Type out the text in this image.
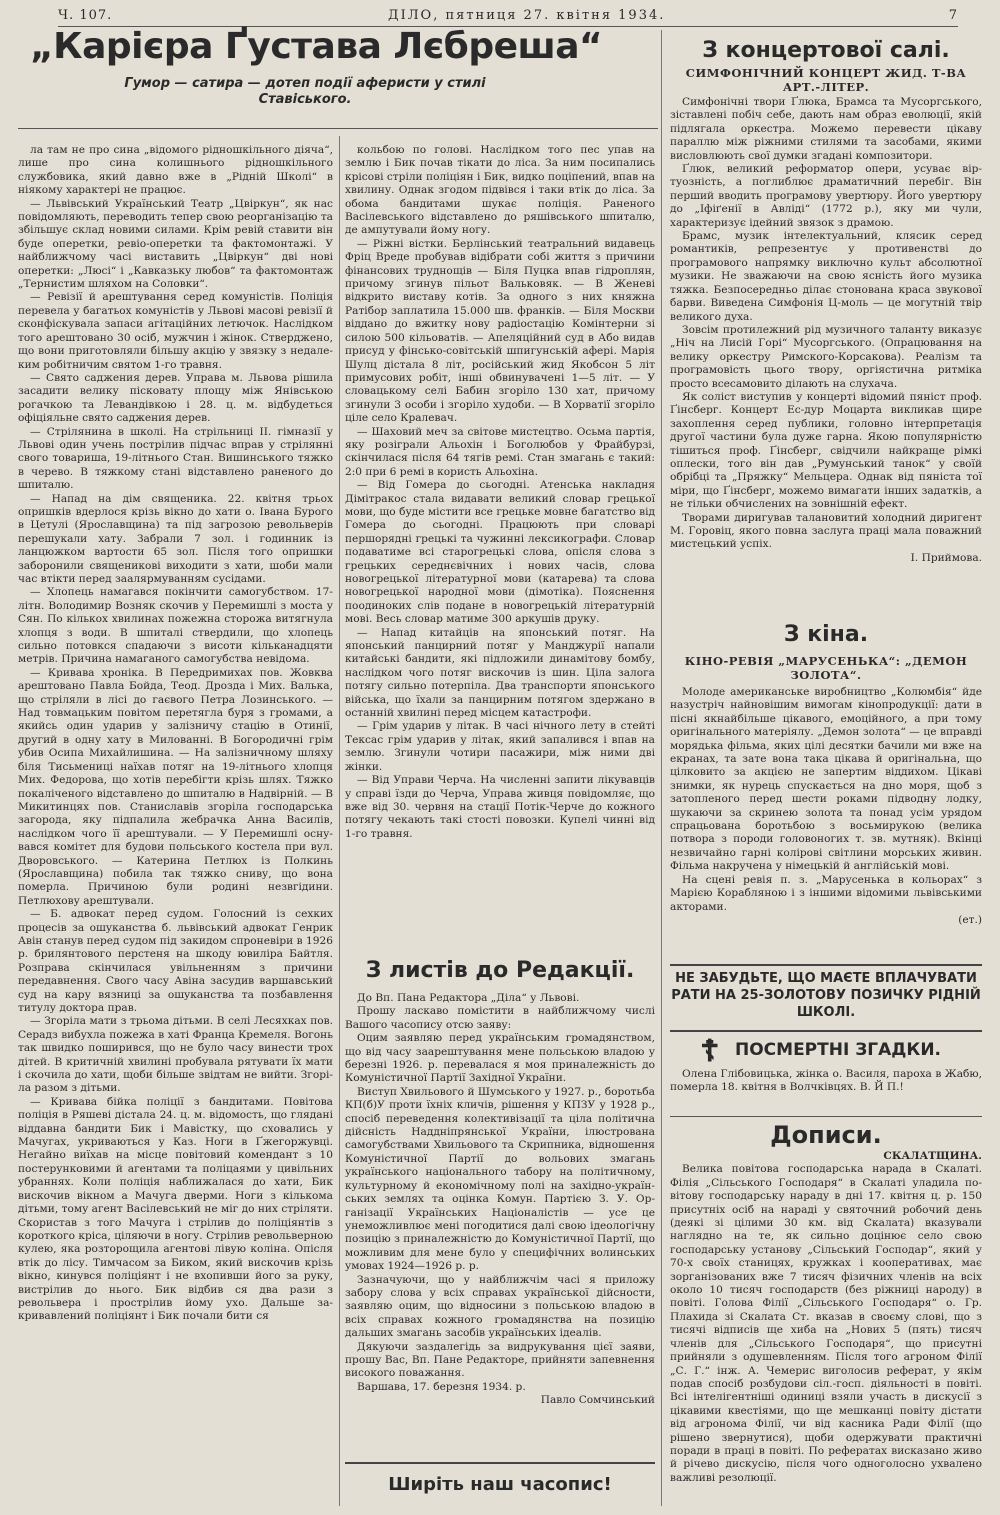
Ч. 107.	ДІЛО, пятниця 27. квітня 1934.	7
„Карієра Ґустава Лєбреша“
Гумор — сатира — дотеп події аферисти у стилі Ставіського.

ла там не про сина „відомого рідношкільного діяча“, лише про сина колишнього рідношкільного службовика, який давно вже в „Рідній Школі“ в ніякому характері не працює.

— Львівський Український Театр „Цвіркун“, як нас повідомляють, переводить тепер свою реорганізацію та збільшує склад новими силами. Крім ревій ставити він буде оперетки, ревіо-оперетки та фактомонтажі. У найближчому часі виставить „Цвіркун“ дві нові оперетки: „Люсі“ і „Кавказьку любов“ та фактомонтаж „Тернистим шляхом на Соловки“.

— Ревізії й арештування серед комуністів. Поліція перевела у багатьох комуністів у Львові масові ревізії й сконфіскувала запаси агітаційних летючок. Наслідком того арештовано 30 осіб, мужчин і жінок. Стверджено, що вони приготовляли більшу акцію у звязку з недалеким робітничим святом 1-го травня.

— Свято саджения дерев. Управа м. Львова рішила засадити велику пісковату площу між Янівською рогачкою та Левандівкою і 28. ц. м. відбудеться офіціяльне свято саджения дерев.

— Стрілянина в школі. На стрільниці II. гімназії у Львові один учень пострілив підчас вправ у стрілянні свого товариша, 19-літнього Стан. Вишинського тяжко в черево. В тяжкому стані відставлено раненого до шпиталю.

— Напад на дім священика. 22. квітня трьох опришків вдерлося крізь вікно до хати о. Івана Бурого в Цетулі (Ярославщина) та під загрозою револьверів перешукали хату. Забрали 7 зол. і годинник із ланцюжком вартости 65 зол. Після того опришки заборонили священикові виходити з хати, шоби мали час втікти перед заалярмуванням сусідами.

— Хлопець намагався покінчити самогубством. 17-літн. Володимир Возняк скочив у Перемишлі з моста у Сян. По кількох хвилинах пожежна сторожа витягнула хлопця з води. В шпиталі ствердили, що хлопець сильно потовкся спадаючи з висоти кільканадцяти метрів. Причина намаганого самогубства невідома.

— Кривава хроніка. В Передримихах пов. Жовква арештовано Павла Бойда, Теод. Дрозда і Мих. Валька, що стріляли в лісі до гаєвого Петра Лозинського. — Над товмацьким повітом перетягла буря з громами, а якийсь один ударив у залізничу стацію в Отинії, другий в одну хату в Милованні. В Богородичні грім убив Осипа Михайлишина. — На залізничному шляху біля Тисьмениці наїхав потяг на 19-літнього хлопця Мих. Федорова, що хотів перебігти крізь шлях. Тяжко покаліченого відставлено до шпиталю в Надвірній. — В Микитинцях пов. Станиславів згоріла господарська загорода, яку підпалила жебрачка Анна Василів, наслідком чого її арештували. — У Перемишлі оснувався комітет для будови польського костела при вул. Дворовського. — Катерина Петлюх із Полкинь (Ярославщина) побила так тяжко сниву, що вона померла. Причиною були родині незвгідини. Петлюхову арештували.

— Б. адвокат перед судом. Голосний із сехких процесів за ошуканства б. львівський адвокат Генрик Авін станув перед судом під закидом спроневіри в 1926 р. брилянтового перстеня на шкоду ювиліра Байтля. Розправа скінчилася увільненням з причини передавнення. Свого часу Авіна засудив варшавський суд на кару вязниці за ошуканства та позбавлення титулу доктора прав.

— Згоріла мати з трьома дітьми. В селі Лесяхках пов. Серадз вибухла пожежа в хаті Франца Кремеля. Вогонь так швидко поширився, що не було часу винести трох дітей. В критичній хвилині пробувала рятувати їх мати і скочила до хати, щоби більше звідтам не вийти. Згоріла разом з дітьми.

— Кривава бійка поліції з бандитами. Повітова поліція в Ряшеві дістала 24. ц. м. відомость, що гляданi віддавна бандити Бик і Мавістку, що сховались у Мачугах, укриваються у Каз. Ноги в Ґжегоржувці. Негайно виїхав на місце повітовий комендант з 10 постерунковими й агентами та поліцаями у цивільних убраннях. Коли поліція наближалася до хати, Бик вискочив вікном а Мачуга дверми. Ноги з кількома дітьми, тому агент Васілевський не міг до них стріляти. Скористав з того Мачуга і стрілив до поліціянтів з короткого кріса, ціляючи в ногу. Стрілив револьверною кулею, яка розторощила агентові лівую коліна. Опісля втік до лісу. Тимчасом за Биком, який вискочив крізь вікно, кинувся поліціянт і не вхопивши його за руку, вистрілив до нього. Бик відбив ся два рази з револьвера і прострілив йому ухо. Дальше закривавлений поліціянт і Бик почали бити ся

кольбою по голові. Наслідком того пес упав на землю і Бик почав тікати до ліса. За ним посипались крісові стріли поліціян і Бик, видко поціпений, впав на хвилину. Однак згодом підвівся і таки втік до ліса. За обома бандитами шукає поліція. Раненого Васілевського відставлено до ряшівського шпиталю, де ампутували йому ногу.

— Ріжні вістки. Берлінський театральний видавець Фріц Вреде пробував відібрати собі життя з причини фінансових труднощів — Біля Пуцка впав гідроплян, причому згинув пільот Вальковяк. — В Женеві відкрито виставу котів. За одного з них княжна Ратібор заплатила 15.000 шв. франків. — Біля Москви віддано до вжитку нову радіостацію Комінтерни зі силою 500 кільоватів. — Апеляційний суд в Або видав присуд у фінсько-совітській шпигунській афері. Марія Шулц дістала 8 літ, російський жид Якобсон 5 літ примусових робіт, інші обвинувачені 1—5 літ. — У словацькому селі Бабин згоріло 130 хат, причому згинули 3 особи і згоріло худоби. — В Хорватії згоріло ціле село Кралевач.

— Шаховий меч за світове мистецтво. Осьма партія, яку розіграли Альохін і Боголюбов у Фрайбурзі, скінчилася після 64 тягів ремі. Стан змагань є такий: 2:0 при 6 ремі в користь Альохіна.

— Від Гомера до сьогодні. Атенська накладня Дімітракос стала видавати великий словар грецької мови, що буде містити все грецьке мовне багатство від Гомера до сьогодні. Працюють при словарі першорядні грецькі та чужинні лексикографи. Словар подаватиме всі старогрецькі слова, опісля слова з грецьких середнєвічних і нових часів, слова новогрецької літературної мови (катарева) та слова новогрецької народної мови (дімотіка). Пояснення поодиноких слів подане в новогрецькій літературній мові. Весь словар матиме 300 аркушів друку.

— Напад китайців на японський потяг. На японський панцирний потяг у Манджурії напали китайські бандити, які підложили динамітову бомбу, наслідком чого потяг вискочив із шин. Ціла залога потягу сильно потерпіла. Два транспорти японського війська, що їхали за панцирним потягом здержано в останній хвилині перед місцем катастрофи.

— Грім ударив у літак. В часі нічного лету в стейті Тексас грім ударив у літак, який запалився і впав на землю. Згинули чотири пасажири, між ними дві жінки.

— Від Управи Черча. На численні запити лікувавців у справі їзди до Черча, Управа живця повідомляє, що вже від 30. червня на стації Потік-Черче до кожного потягу чекають такі стості повозки. Купелі чинні від 1-го травня.

З листів до Редакції.

До Вп. Пана Редактора „Діла“ у Львові.

Прошу ласкаво помістити в найближчому числі Вашого часопису отсю заяву:

Оцим заявляю перед українським громадянством, що від часу заарештування мене польською владою у березні 1926. р. перевалася я моя приналежність до Комуністичної Партії Західної України.

Виступ Хвильового й Шумського у 1927. р., боротьба КП(б)У проти їхніх кличів, рішення у КПЗУ у 1928 р., спосіб переведення колективізації та ціла політична дійсність Наддніпрянської України, ілюстрована самогубствами Хвильового та Скрипника, відношення Комуністичної Партії до вольових змагань українського національного табору на політичному, культурному й економічному полі на західно-українських землях та оцінка Комун. Партією З. У. Організації Українських Націоналістів — усе це унеможливлює мені погодитися далі свою ідеологічну позицію з приналежністю до Комуністичної Партії, що можливим для мене було у специфічних волинських умовах 1924—1926 р. р.

Зазначуючи, що у найближчім часі я приложу забору слова у всіх справах української дійсности, заявляю оцим, що відносини з польською владою в всіх справах кожного громадянства на позицію дальших змагань засобів українських ідеалів.

Дякуючи заздалегідь за видрукування цієї заяви, прошу Вас, Вп. Пане Редакторе, прийняти запевнення високого поважання.

Варшава, 17. березня 1934. р.

Павло Сомчинський

Ширіть наш часопис!
З концертової салі.
СИМФОНІЧНИЙ КОНЦЕРТ ЖИД. Т-ВА АРТ.-ЛІТЕР.

Симфонічні твори Ґлюка, Брамса та Мусоргського, зіставлені побіч себе, дають нам образ еволюції, якій підлягала оркестра. Можемо перевести цікаву параллю між ріжними стилями та засобами, якими висловлюють свої думки згадані композитори.

Ґлюк, великий реформатор опери, усуває віртуозність, а поглиблює драматичний перебіг. Він перший вводить програмову увертюру. Його увертюру до „Іфіґенії в Авліді“ (1772 р.), яку ми чули, характеризує ідейний звязок з драмою.

Брамс, музик інтелектуальний, клясик серед романтиків, репрезентує у противенстві до програмового напрямку виключно культ абсолютної музики. Не зважаючи на свою ясність його музика тяжка. Безпосередньо ділає стонована краса звукової барви. Виведена Симфонія Ц-моль — це могутній твір великого духа.

Зовсім протилежний рід музичного таланту виказує „Ніч на Лисій Горі“ Мусоргського. (Опрацювання на велику оркестру Римского-Корсакова). Реалізм та програмовість цього твору, оргіястична ритміка просто всесамовито ділають на слухача.

Як соліст виступив у концерті відомий пяніст проф. Ґінсберг. Концерт Ес-дур Моцарта викликав щире захоплення серед публики, головно інтерпретація другої частини була дуже гарна. Якою популярністю тішиться проф. Ґінсберг, свідчили найкраще рімкі оплески, того він дав „Румунський танок“ у своїй обрібці та „Пряжку“ Мельцера. Однак від пяніста тої міри, що Ґінсберг, можемо вимагати інших задатків, а не тільки обчислених на зовнішній ефект.

Творами диригував талановитий холодний диригент М. Горовіц, якого повна заслуга праці мала поважний мистецький успіх.

І. Приймова.

З кіна.
КІНО-РЕВІЯ „МАРУСЕНЬКА“: „ДЕМОН ЗОЛОТА“.

Молоде американське виробництво „Колюмбія“ йде назустріч найновішим вимогам кінопродукції: дати в пісні якнайбільше цікавого, емоційного, а при тому оригінального матеріялу. „Демон золота“ — це вправді морядька фільма, яких цілі десятки бачили ми вже на екранах, та зате вона така цікава й оригінальна, що цілковито за акцією не запертим віддихом. Цікаві знимки, як нурець спускається на дно моря, щоб з затопленого перед шести роками підводну лодку, шукаючи за скринею золота та понад усім урядом спрацьована боротьбою з восьмирукою (велика потвора з породи головоногих т. зв. мутняк). Вкінці незвичайно гарні колірові світлини морських живин. Фільма накручена у німецькій й англійській мові.

На сцені ревія п. з. „Марусенька в кольорах“ з Марією Корабляною і з іншими відомими львівськими акторами.

(ет.)

НЕ ЗАБУДЬТЕ, ЩО МАЄТЕ ВПЛАЧУВАТИ РАТИ НА 25-ЗОЛОТОВУ ПОЗИЧКУ РІДНІЙ ШКОЛІ.
☦ ПОСМЕРТНІ ЗГАДКИ.

Олена Глібовицька, жінка о. Василя, пароха в Жабю, померла 18. квітня в Волчківцях. В. Й П.!

Дописи.

СКАЛАТЩИНА.

Велика повітова господарська нарада в Скалаті. Філія „Сільського Господаря“ в Скалаті уладила повітову господарську нараду в дні 17. квітня ц. р. 150 присутніх осіб на нараді у святочний робочий день (деякі зі цілими 30 км. від Скалата) вказували наглядно на те, як сильно доцінює село свою господарську установу „Сільський Господар“, який у 70-х своїх станицях, кружках і кооперативах, має зорганізованих вже 7 тисяч фізичних членів на всіх около 10 тисяч господарств (без ріжниці народу) в повіті. Голова Філії „Сільського Господаря“ о. Гр. Плахида зі Скалата Ст. вказав в своєму слові, що з тисячі відписів ще хиба на „Нових 5 (пять) тисяч членів для „Сільського Господаря“, що присутні прийняли з одушевленням. Після того агроном Філії „С. Г.“ інж. А. Чемерис виголосив реферат, у якім подав спосіб розбудови сіл.-госп. діяльності в повіті. Всі інтелігентніші одиниці взяли участь в дискусії з цікавими квестіями, що ще мешканці повіту дістати від агронома Філії, чи від касника Ради Філії (що рішено звернутися), щоби одержувати практичні поради в праці в повіті. По рефератах висказано живо й річево дискусію, після чого одноголосно ухвалено важливі резолюції.
